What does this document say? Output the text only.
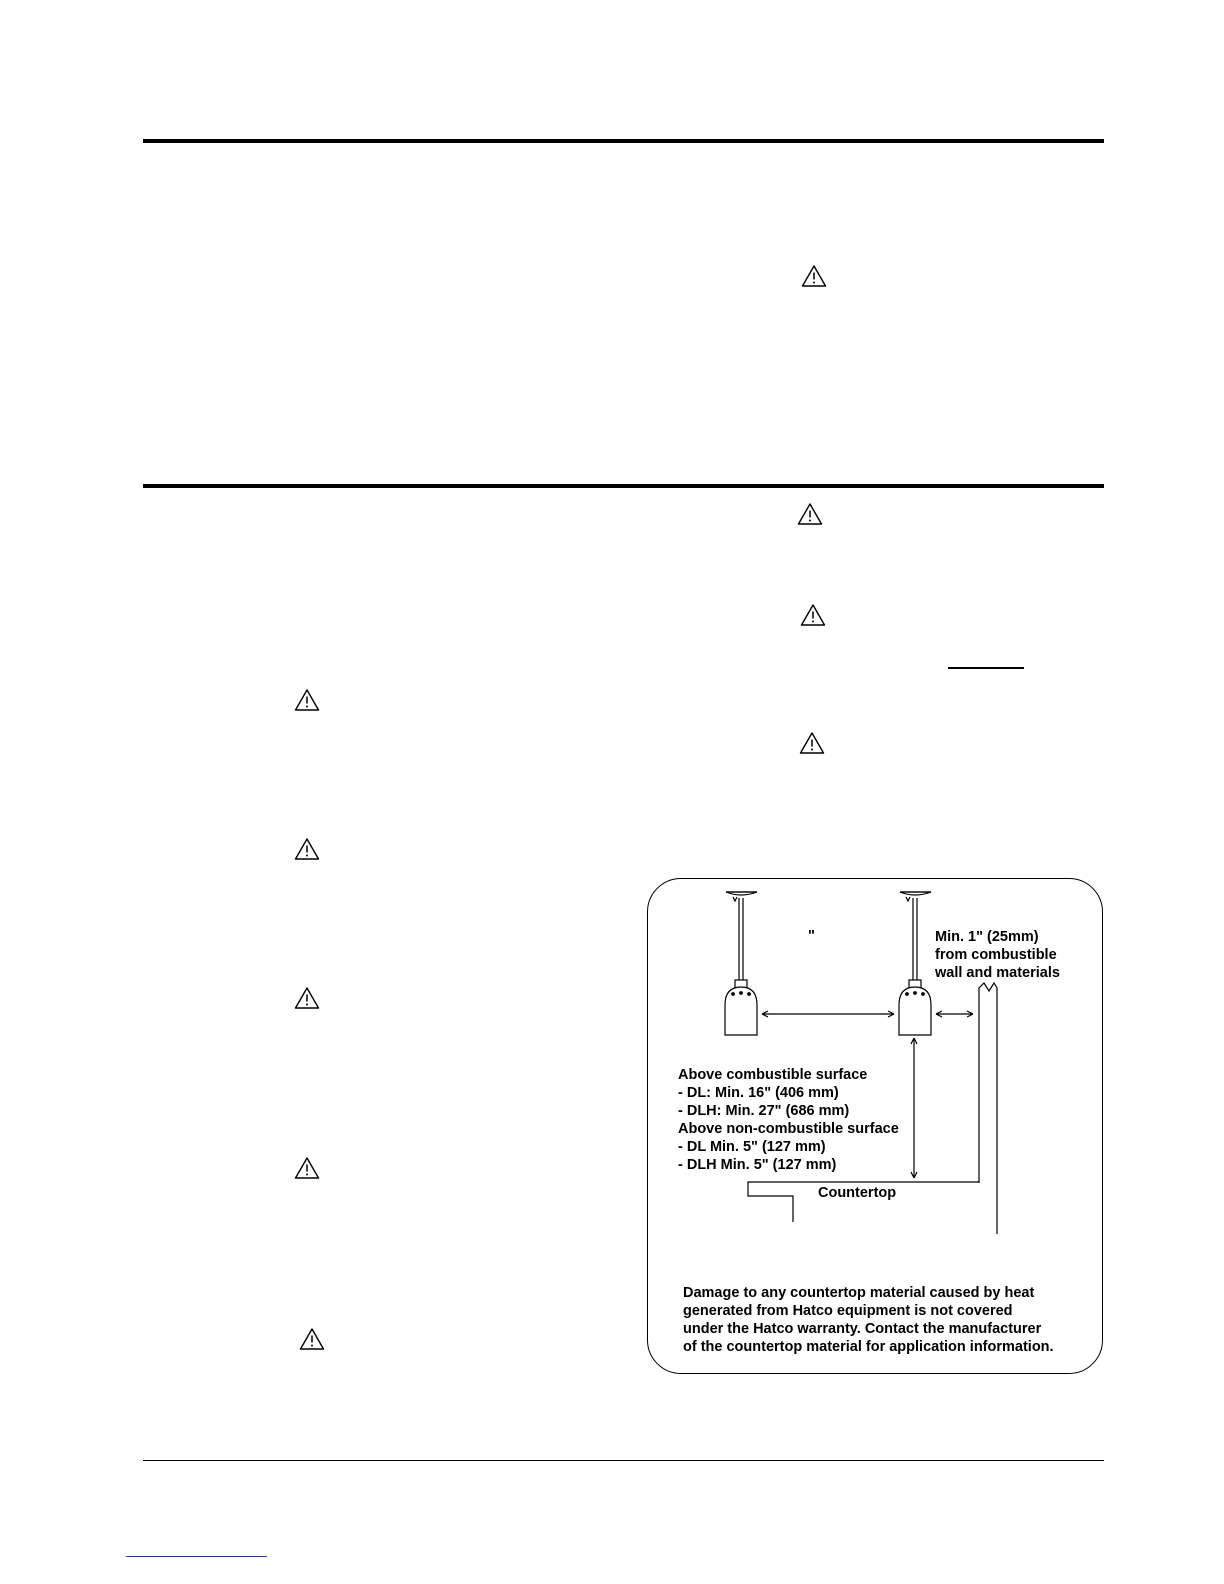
"	Min. 1" (25mm)
from combustible
wall and materials
Above combustible surface
- DL: Min. 16" (406 mm)
- DLH: Min. 27" (686 mm)
Above non-combustible surface
- DL Min. 5" (127 mm)
- DLH Min. 5" (127 mm)
Countertop
Damage to any countertop material caused by heat
generated from Hatco equipment is not covered
under the Hatco warranty. Contact the manufacturer
of the countertop material for application information.
